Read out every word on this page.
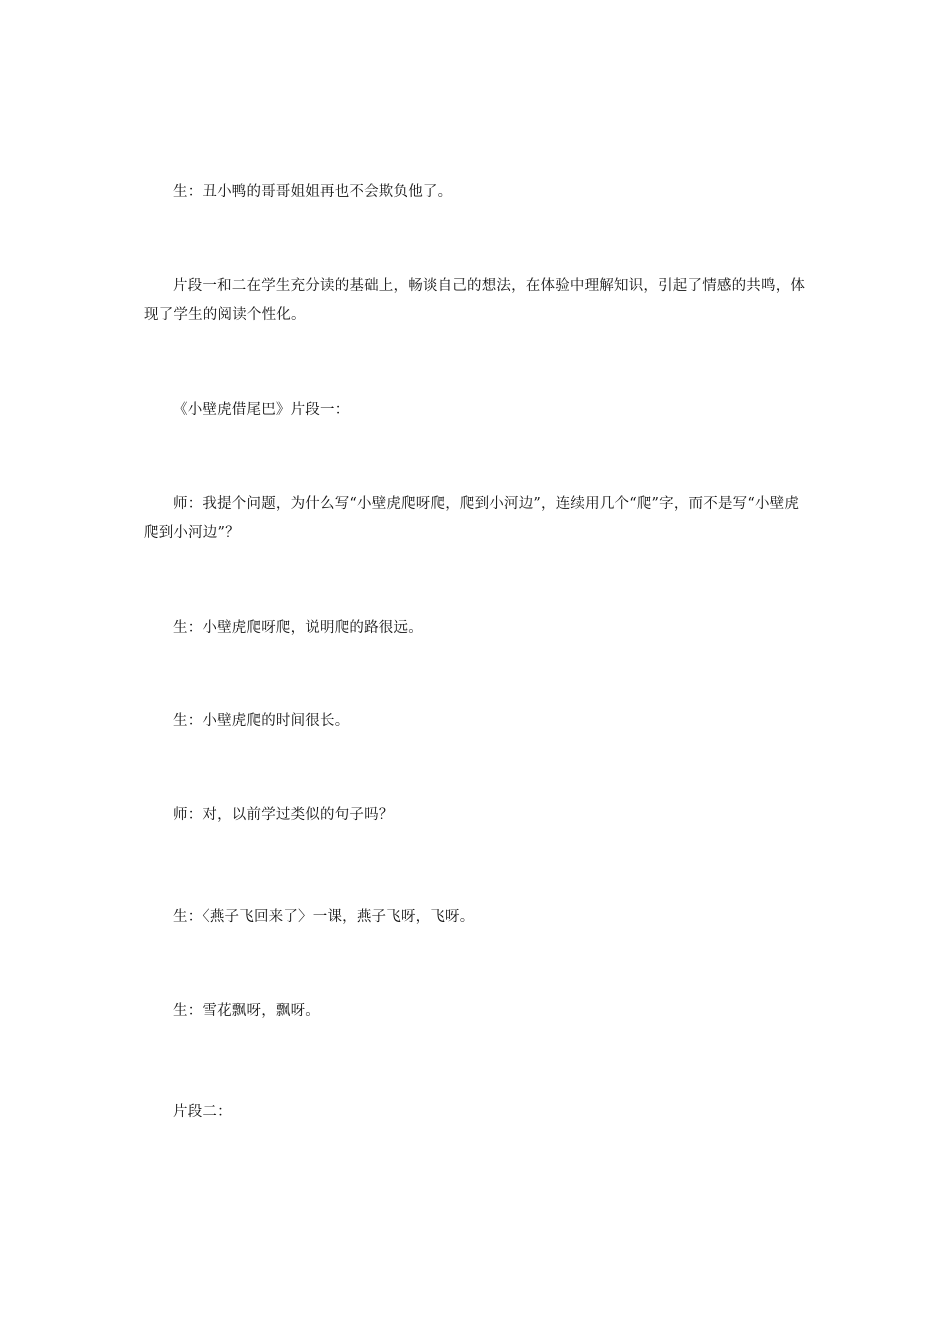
生：丑小鸭的哥哥姐姐再也不会欺负他了。

片段一和二在学生充分读的基础上，畅谈自己的想法，在体验中理解知识，引起了情感的共鸣，体现了学生的阅读个性化。

《小壁虎借尾巴》片段一：

师：我提个问题，为什么写“小壁虎爬呀爬，爬到小河边”，连续用几个“爬”字，而不是写“小壁虎爬到小河边”？

生：小壁虎爬呀爬，说明爬的路很远。

生：小壁虎爬的时间很长。

师：对，以前学过类似的句子吗？

生：〈燕子飞回来了〉一课，燕子飞呀，飞呀。

生：雪花飘呀，飘呀。

片段二：
